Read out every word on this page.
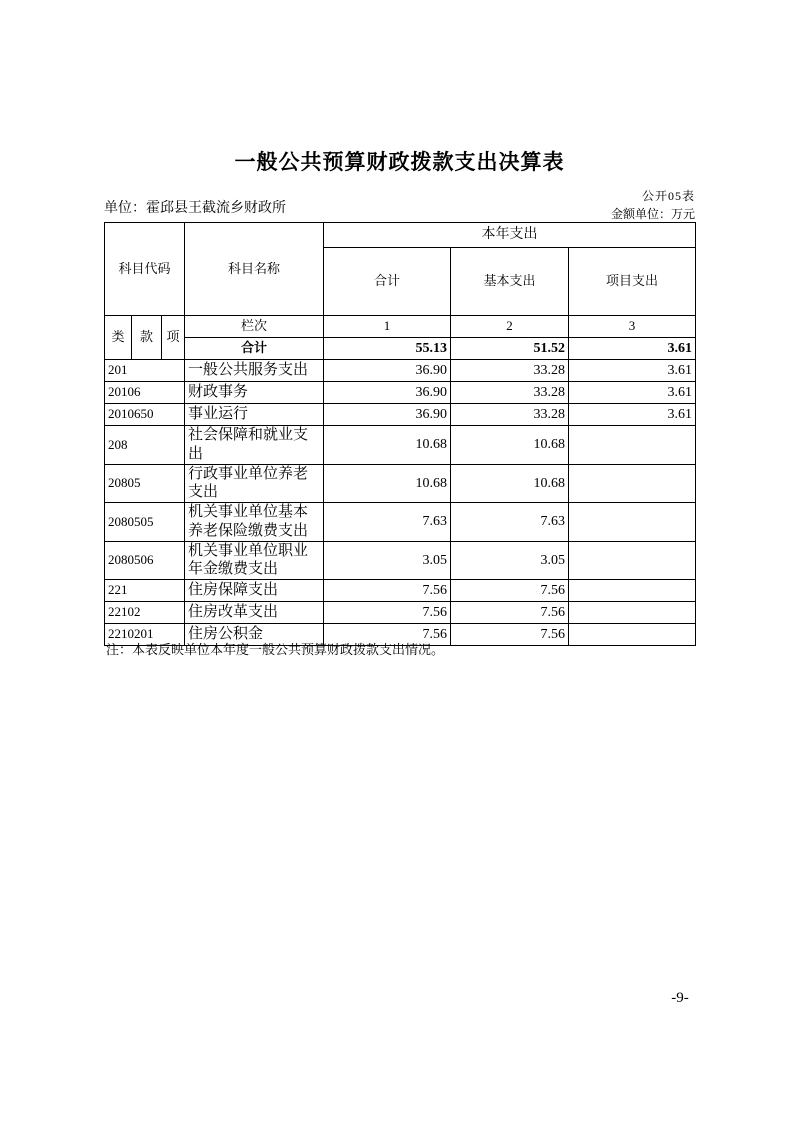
一般公共预算财政拨款支出决算表
公开05表
单位：霍邱县王截流乡财政所	金额单位：万元
科目代码			科目名称	本年支出		
				合计	基本支出	项目支出
类	款	项	栏次	1	2	3
			合计	55.13	51.52	3.61
201			一般公共服务支出	36.90	33.28	3.61
20106			财政事务	36.90	33.28	3.61
2010650			事业运行	36.90	33.28	3.61
208			社会保障和就业支出	10.68	10.68	
20805			行政事业单位养老支出	10.68	10.68	
2080505			机关事业单位基本养老保险缴费支出	7.63	7.63	
2080506			机关事业单位职业年金缴费支出	3.05	3.05	
221			住房保障支出	7.56	7.56	
22102			住房改革支出	7.56	7.56	
2210201			住房公积金	7.56	7.56	
注：本表反映单位本年度一般公共预算财政拨款支出情况。
-9-
